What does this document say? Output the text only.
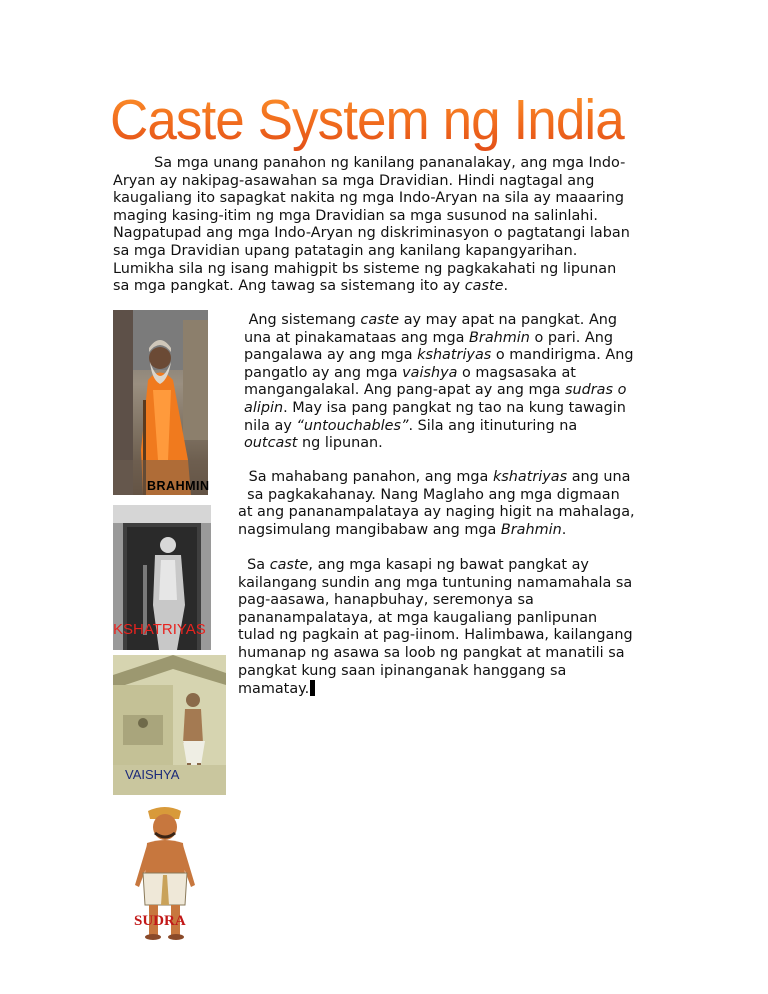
Caste System ng India
Sa mga unang panahon ng kanilang pananalakay, ang mga Indo-
Aryan ay nakipag-asawahan sa mga Dravidian. Hindi nagtagal ang
kaugaliang ito sapagkat nakita ng mga Indo-Aryan na sila ay maaaring
maging kasing-itim ng mga Dravidian sa mga susunod na salinlahi.
Nagpatupad ang mga Indo-Aryan ng diskriminasyon o pagtatangi laban
sa mga Dravidian upang patatagin ang kanilang kapangyarihan.
Lumikha sila ng isang mahigpit bs sisteme ng pagkakahati ng lipunan
sa mga pangkat. Ang tawag sa sistemang ito ay caste.
Ang sistemang caste ay may apat na pangkat. Ang
una at pinakamataas ang mga Brahmin o pari. Ang
pangalawa ay ang mga kshatriyas o mandirigma. Ang
pangatlo ay ang mga vaishya o magsasaka at
mangangalakal. Ang pang-apat ay ang mga sudras o
alipin. May isa pang pangkat ng tao na kung tawagin
nila ay “untouchables”. Sila ang itinuturing na
outcast ng lipunan.
Sa mahabang panahon, ang mga kshatriyas ang una
sa pagkakahanay. Nang Maglaho ang mga digmaan
at ang pananampalataya ay naging higit na mahalaga,
nagsimulang mangibabaw ang mga Brahmin.
Sa caste, ang mga kasapi ng bawat pangkat ay
kailangang sundin ang mga tuntuning namamahala sa
pag-aasawa, hanapbuhay, seremonya sa
pananampalataya, at mga kaugaliang panlipunan
tulad ng pagkain at pag-iinom. Halimbawa, kailangang
humanap ng asawa sa loob ng pangkat at manatili sa
pangkat kung saan ipinanganak hanggang sa
mamatay.
BRAHMIN
KSHATRIYAS
VAISHYA
SUDRA
